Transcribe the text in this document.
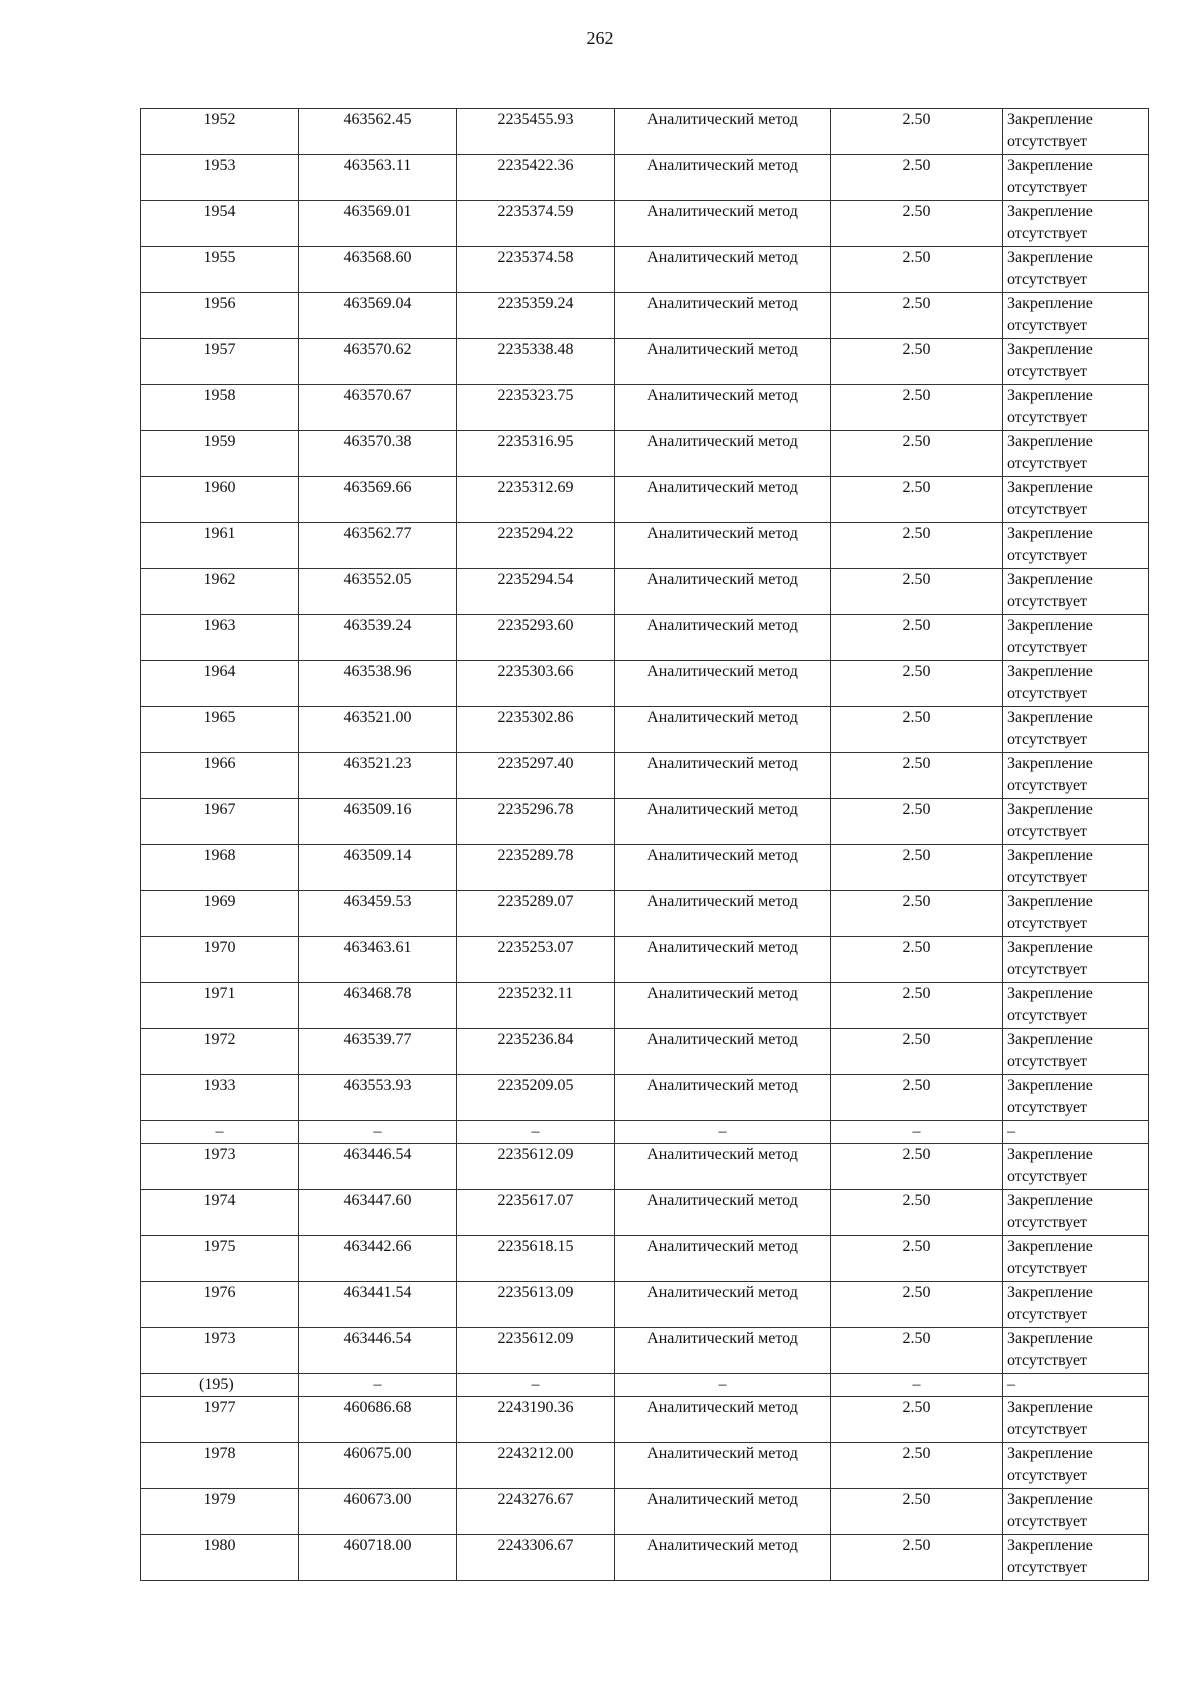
262
1952	463562.45	2235455.93	Аналитический метод	2.50	Закрепление отсутствует
1953	463563.11	2235422.36	Аналитический метод	2.50	Закрепление отсутствует
1954	463569.01	2235374.59	Аналитический метод	2.50	Закрепление отсутствует
1955	463568.60	2235374.58	Аналитический метод	2.50	Закрепление отсутствует
1956	463569.04	2235359.24	Аналитический метод	2.50	Закрепление отсутствует
1957	463570.62	2235338.48	Аналитический метод	2.50	Закрепление отсутствует
1958	463570.67	2235323.75	Аналитический метод	2.50	Закрепление отсутствует
1959	463570.38	2235316.95	Аналитический метод	2.50	Закрепление отсутствует
1960	463569.66	2235312.69	Аналитический метод	2.50	Закрепление отсутствует
1961	463562.77	2235294.22	Аналитический метод	2.50	Закрепление отсутствует
1962	463552.05	2235294.54	Аналитический метод	2.50	Закрепление отсутствует
1963	463539.24	2235293.60	Аналитический метод	2.50	Закрепление отсутствует
1964	463538.96	2235303.66	Аналитический метод	2.50	Закрепление отсутствует
1965	463521.00	2235302.86	Аналитический метод	2.50	Закрепление отсутствует
1966	463521.23	2235297.40	Аналитический метод	2.50	Закрепление отсутствует
1967	463509.16	2235296.78	Аналитический метод	2.50	Закрепление отсутствует
1968	463509.14	2235289.78	Аналитический метод	2.50	Закрепление отсутствует
1969	463459.53	2235289.07	Аналитический метод	2.50	Закрепление отсутствует
1970	463463.61	2235253.07	Аналитический метод	2.50	Закрепление отсутствует
1971	463468.78	2235232.11	Аналитический метод	2.50	Закрепление отсутствует
1972	463539.77	2235236.84	Аналитический метод	2.50	Закрепление отсутствует
1933	463553.93	2235209.05	Аналитический метод	2.50	Закрепление отсутствует
–	–	–	–	–	–
1973	463446.54	2235612.09	Аналитический метод	2.50	Закрепление отсутствует
1974	463447.60	2235617.07	Аналитический метод	2.50	Закрепление отсутствует
1975	463442.66	2235618.15	Аналитический метод	2.50	Закрепление отсутствует
1976	463441.54	2235613.09	Аналитический метод	2.50	Закрепление отсутствует
1973	463446.54	2235612.09	Аналитический метод	2.50	Закрепление отсутствует
(195)	–	–	–	–	–
1977	460686.68	2243190.36	Аналитический метод	2.50	Закрепление отсутствует
1978	460675.00	2243212.00	Аналитический метод	2.50	Закрепление отсутствует
1979	460673.00	2243276.67	Аналитический метод	2.50	Закрепление отсутствует
1980	460718.00	2243306.67	Аналитический метод	2.50	Закрепление отсутствует
